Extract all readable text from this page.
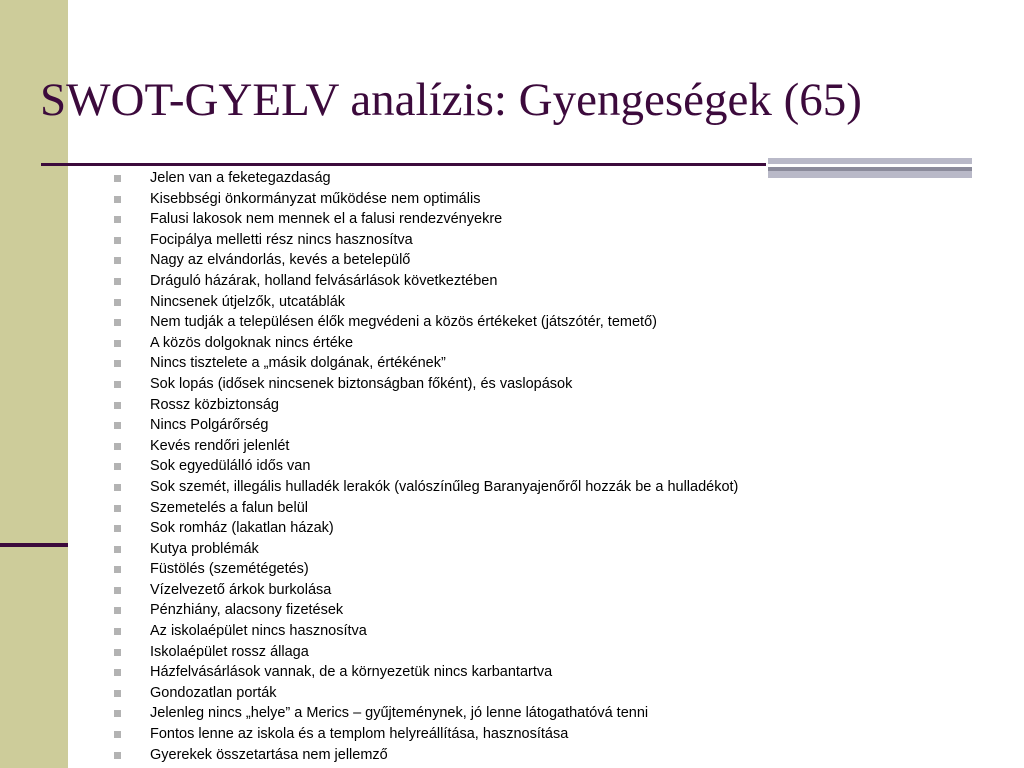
SWOT-GYELV analízis: Gyengeségek (65)
Jelen van a feketegazdaság
Kisebbségi önkormányzat működése nem optimális
Falusi lakosok nem mennek el a falusi rendezvényekre
Focipálya melletti rész nincs hasznosítva
Nagy az elvándorlás, kevés a betelepülő
Dráguló házárak, holland felvásárlások következtében
Nincsenek útjelzők, utcatáblák
Nem tudják a településen élők megvédeni a közös értékeket (játszótér, temető)
A közös dolgoknak nincs értéke
Nincs tisztelete a „másik dolgának, értékének”
Sok lopás (idősek nincsenek biztonságban főként), és vaslopások
Rossz közbiztonság
Nincs Polgárőrség
Kevés rendőri jelenlét
Sok egyedülálló idős van
Sok szemét, illegális hulladék lerakók (valószínűleg Baranyajenőről hozzák be a hulladékot)
Szemetelés a falun belül
Sok romház (lakatlan házak)
Kutya problémák
Füstölés (szemétégetés)
Vízelvezető árkok burkolása
Pénzhiány, alacsony fizetések
Az iskolaépület nincs hasznosítva
Iskolaépület rossz állaga
Házfelvásárlások vannak, de a környezetük nincs karbantartva
Gondozatlan porták
Jelenleg nincs „helye” a Merics – gyűjteménynek, jó lenne látogathatóvá tenni
Fontos lenne az iskola és a templom helyreállítása, hasznosítása
Gyerekek összetartása nem jellemző
